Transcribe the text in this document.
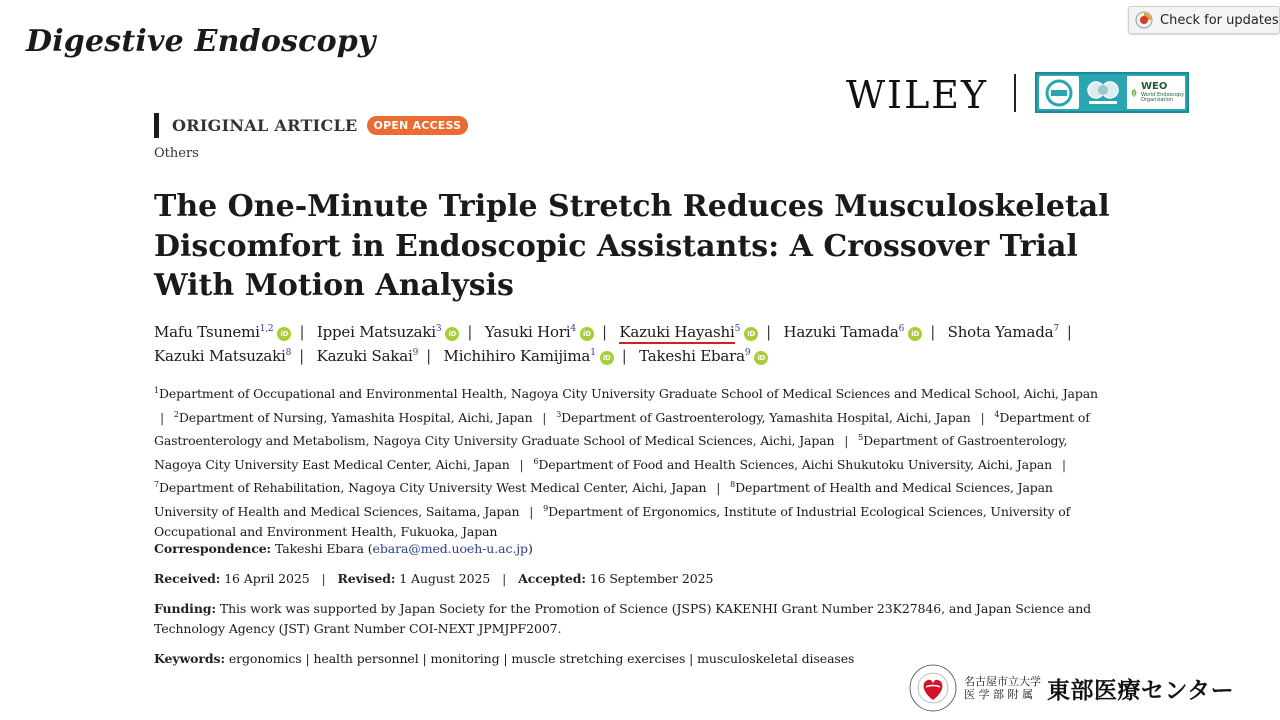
Digestive Endoscopy
Check for updates
WILEY	WEO
World Endoscopy Organization
ORIGINAL ARTICLE	OPEN ACCESS
Others
The One-Minute Triple Stretch Reduces Musculoskeletal Discomfort in Endoscopic Assistants: A Crossover Trial With Motion Analysis
Mafu Tsunemi$^{1,2}$ iD | Ippei Matsuzaki$^3$ iD | Yasuki Hori$^4$ iD | Kazuki Hayashi$^5$ iD | Hazuki Tamada$^6$ iD | Shota Yamada$^7$ | Kazuki Matsuzaki$^8$ | Kazuki Sakai$^9$ | Michihiro Kamijima$^1$ iD | Takeshi Ebara$^9$ iD
$^1$Department of Occupational and Environmental Health, Nagoya City University Graduate School of Medical Sciences and Medical School, Aichi, Japan | $^2$Department of Nursing, Yamashita Hospital, Aichi, Japan | $^3$Department of Gastroenterology, Yamashita Hospital, Aichi, Japan | $^4$Department of Gastroenterology and Metabolism, Nagoya City University Graduate School of Medical Sciences, Aichi, Japan | $^5$Department of Gastroenterology, Nagoya City University East Medical Center, Aichi, Japan | $^6$Department of Food and Health Sciences, Aichi Shukutoku University, Aichi, Japan | $^7$Department of Rehabilitation, Nagoya City University West Medical Center, Aichi, Japan | $^8$Department of Health and Medical Sciences, Japan University of Health and Medical Sciences, Saitama, Japan | $^9$Department of Ergonomics, Institute of Industrial Ecological Sciences, University of Occupational and Environment Health, Fukuoka, Japan
Correspondence: Takeshi Ebara (ebara@med.uoeh-u.ac.jp)
Received: 16 April 2025 | Revised: 1 August 2025 | Accepted: 16 September 2025
Funding: This work was supported by Japan Society for the Promotion of Science (JSPS) KAKENHI Grant Number 23K27846, and Japan Science and Technology Agency (JST) Grant Number COI-NEXT JPMJPF2007.
Keywords: ergonomics | health personnel | monitoring | muscle stretching exercises | musculoskeletal diseases
名古屋市立大学
医 学 部 附 属 東部医療センター
